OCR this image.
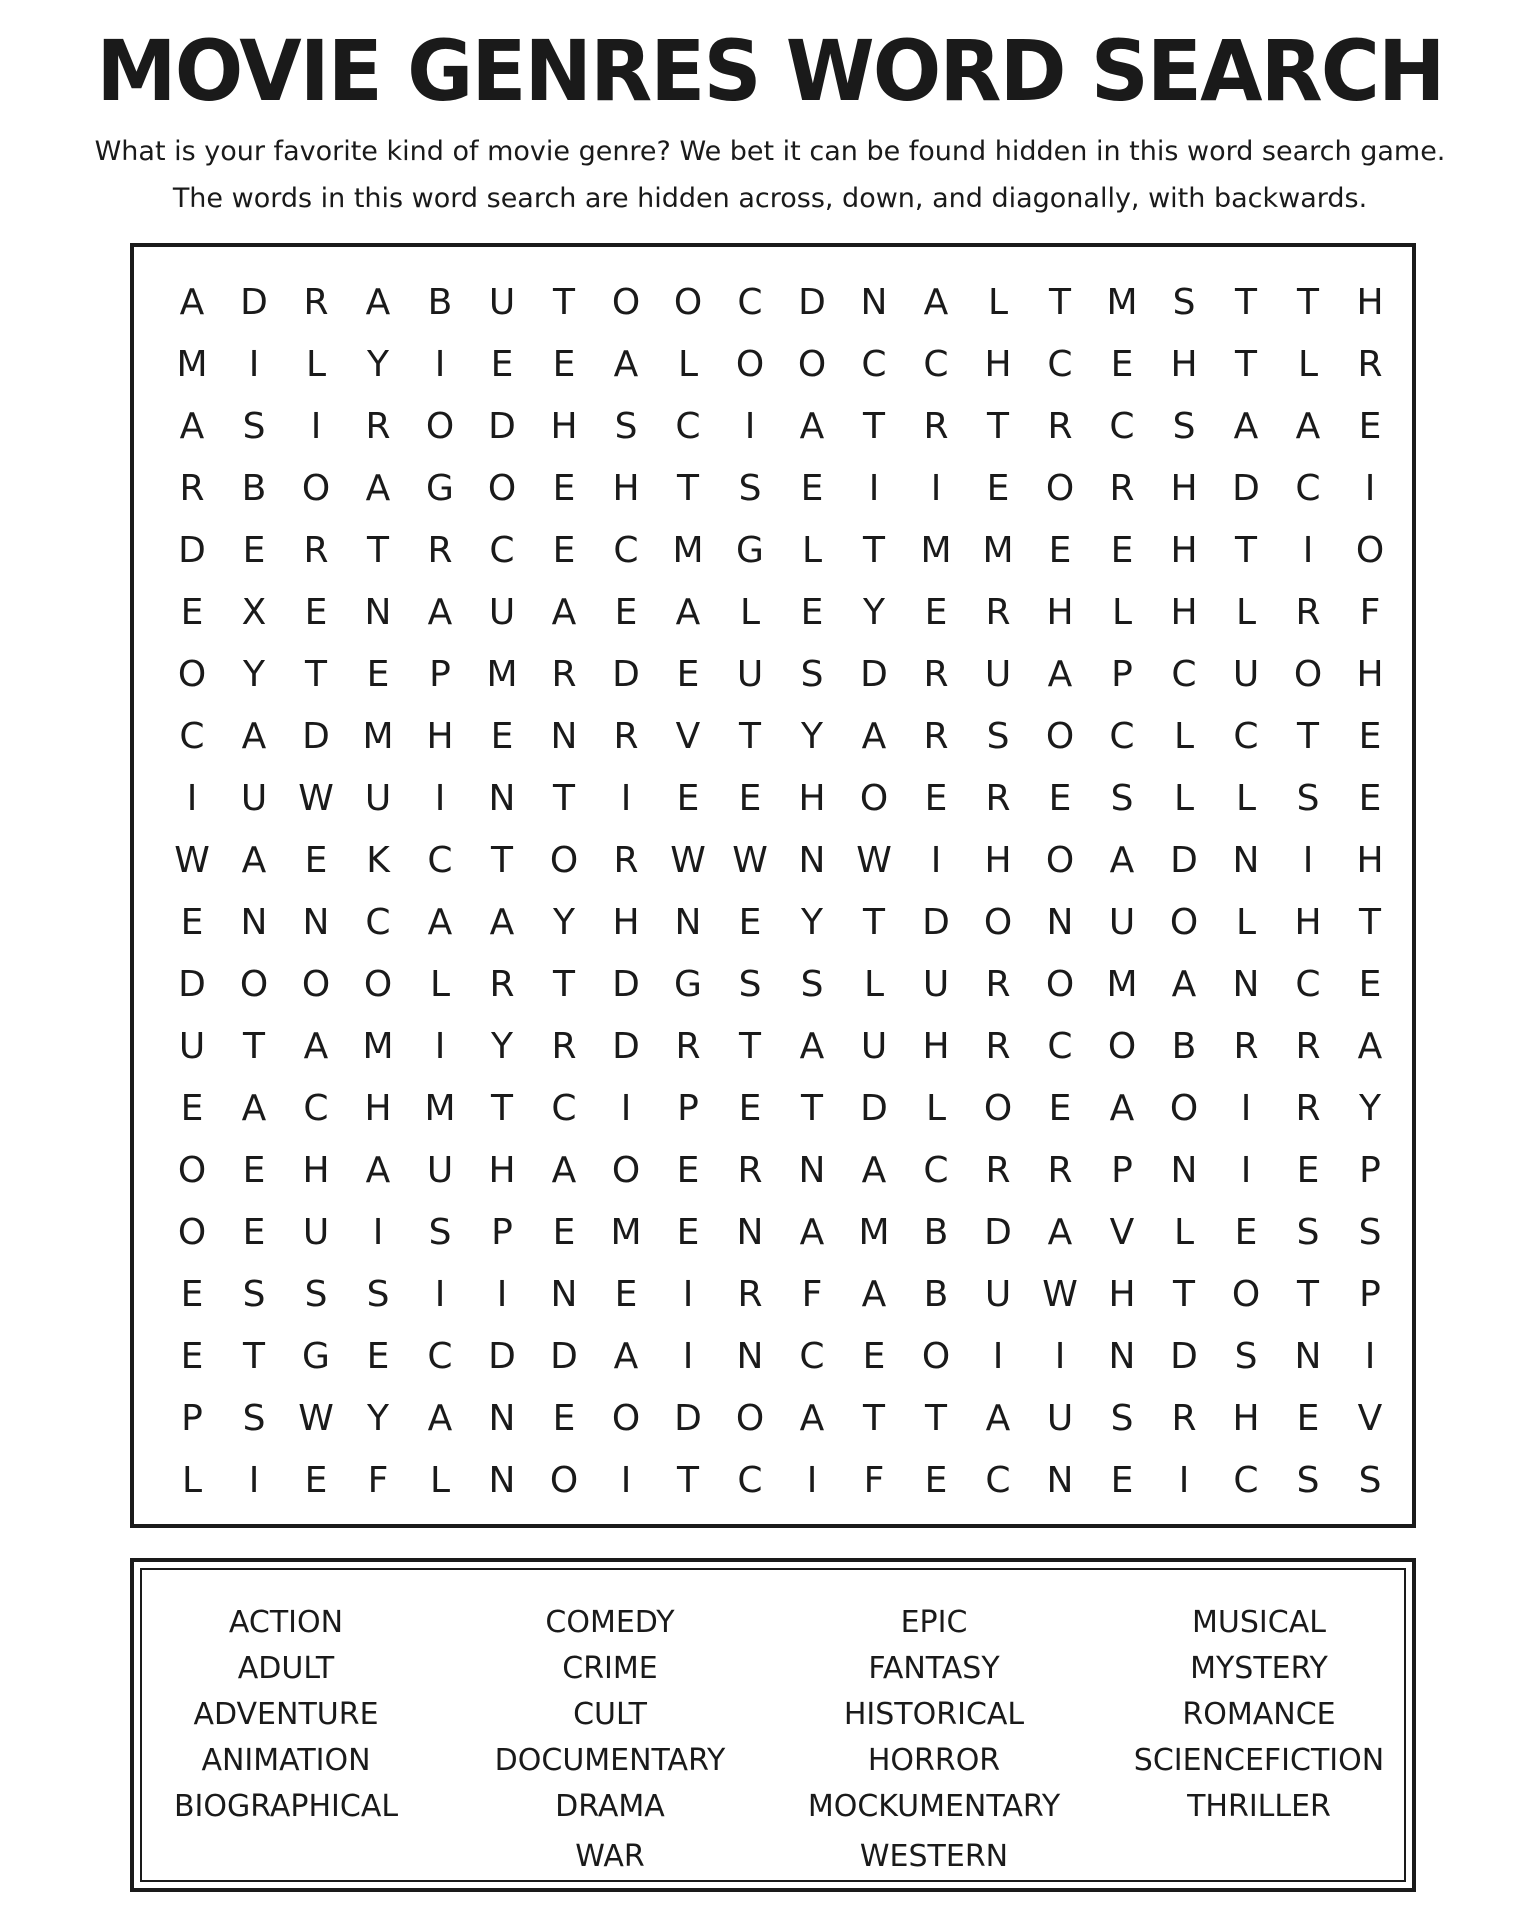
MOVIE GENRES WORD SEARCH
What is your favorite kind of movie genre? We bet it can be found hidden in this word search game.
The words in this word search are hidden across, down, and diagonally, with backwards.
A D R	A	B	U	T	O O C D N	A	L	T M S	T	T	H
M	I	L	Y	I	E	E	A	L	O O C	C H C	E	H	T	L	R
A	S	I	R O D H	S	C	I	A	T	R	T	R	C	S	A	A	E
R	B O A G O	E	H	T	S	E	I	I	E	O R H D C	I
D	E	R	T	R	C	E	C M G	L	T M M E	E	H	T	I	O
E	X	E	N	A	U	A	E	A	L	E	Y	E	R H	L	H	L	R	F
O	Y	T	E	P M R D	E	U	S	D R	U	A	P	C	U O H
C	A D M H	E	N	R	V	T	Y	A	R	S	O C	L	C	T	E
I	U W U	I	N	T	I	E	E	H O	E	R	E	S	L	L	S	E
W A	E	K	C	T	O R W W N W	I	H O A D N	I	H
E	N N C	A	A	Y	H N	E	Y	T	D O N U O	L	H	T
D O O O	L	R	T	D G	S	S	L	U	R O M A	N C	E
U	T	A M	I	Y	R D R	T	A	U H R	C O B	R	R	A
E	A	C H M T	C	I	P	E	T	D	L	O	E	A O	I	R	Y
O	E	H	A	U H	A O	E	R	N	A	C	R	R	P	N	I	E	P
O	E	U	I	S	P	E M E	N	A M B D A	V	L	E	S	S
E	S	S	S	I	I	N	E	I	R	F	A	B	U W H	T	O	T	P
E	T	G	E	C D D A	I	N C	E	O	I	I	N D	S	N	I
P	S W Y	A	N	E	O D O A	T	T	A	U	S	R H	E	V
L	I	E	F	L	N O	I	T	C	I	F	E	C N	E	I	C	S	S
ACTION
ADULT
ADVENTURE
ANIMATION
BIOGRAPHICAL
COMEDY
CRIME
CULT
DOCUMENTARY
DRAMA
WAR
EPIC
FANTASY
HISTORICAL
HORROR
MOCKUMENTARY
WESTERN
MUSICAL
MYSTERY
ROMANCE
SCIENCEFICTION
THRILLER
